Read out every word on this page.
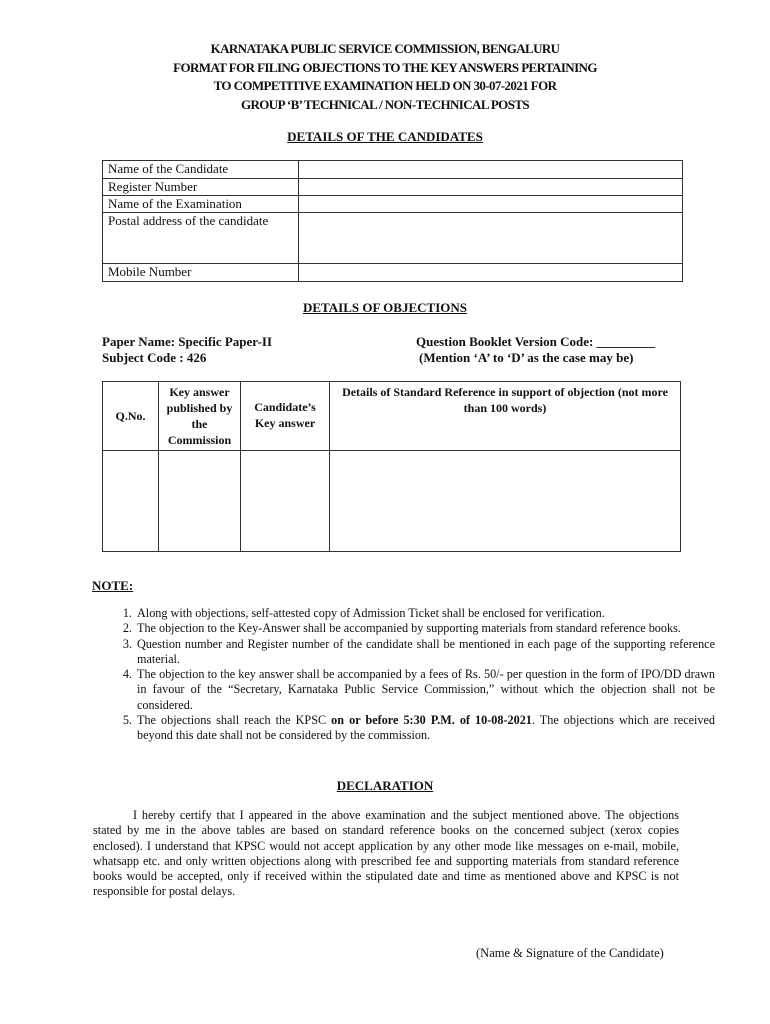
KARNATAKA PUBLIC SERVICE COMMISSION, BENGALURU
FORMAT FOR FILING OBJECTIONS TO THE KEY ANSWERS PERTAINING
TO COMPETITIVE EXAMINATION HELD ON 30-07-2021 FOR
GROUP ‘B’ TECHNICAL / NON-TECHNICAL POSTS
DETAILS OF THE CANDIDATES
Name of the Candidate	
Register Number	
Name of the Examination	
Postal address of the candidate	
Mobile Number	
DETAILS OF OBJECTIONS
Paper Name: Specific Paper-II
Subject Code : 426
Question Booklet Version Code: _________
(Mention ‘A’ to ‘D’ as the case may be)
Q.No.	Key answer published by the Commission	Candidate’s Key answer	Details of Standard Reference in support of objection (not more than 100 words)

NOTE:
1. Along with objections, self-attested copy of Admission Ticket shall be enclosed for verification.
2. The objection to the Key-Answer shall be accompanied by supporting materials from standard reference books.
3. Question number and Register number of the candidate shall be mentioned in each page of the supporting reference material.
4. The objection to the key answer shall be accompanied by a fees of Rs. 50/- per question in the form of IPO/DD drawn in favour of the “Secretary, Karnataka Public Service Commission,” without which the objection shall not be considered.
5. The objections shall reach the KPSC on or before 5:30 P.M. of 10-08-2021. The objections which are received beyond this date shall not be considered by the commission.
DECLARATION

I hereby certify that I appeared in the above examination and the subject mentioned above. The objections stated by me in the above tables are based on standard reference books on the concerned subject (xerox copies enclosed). I understand that KPSC would not accept application by any other mode like messages on e-mail, mobile, whatsapp etc. and only written objections along with prescribed fee and supporting materials from standard reference books would be accepted, only if received within the stipulated date and time as mentioned above and KPSC is not responsible for postal delays.

(Name & Signature of the Candidate)
